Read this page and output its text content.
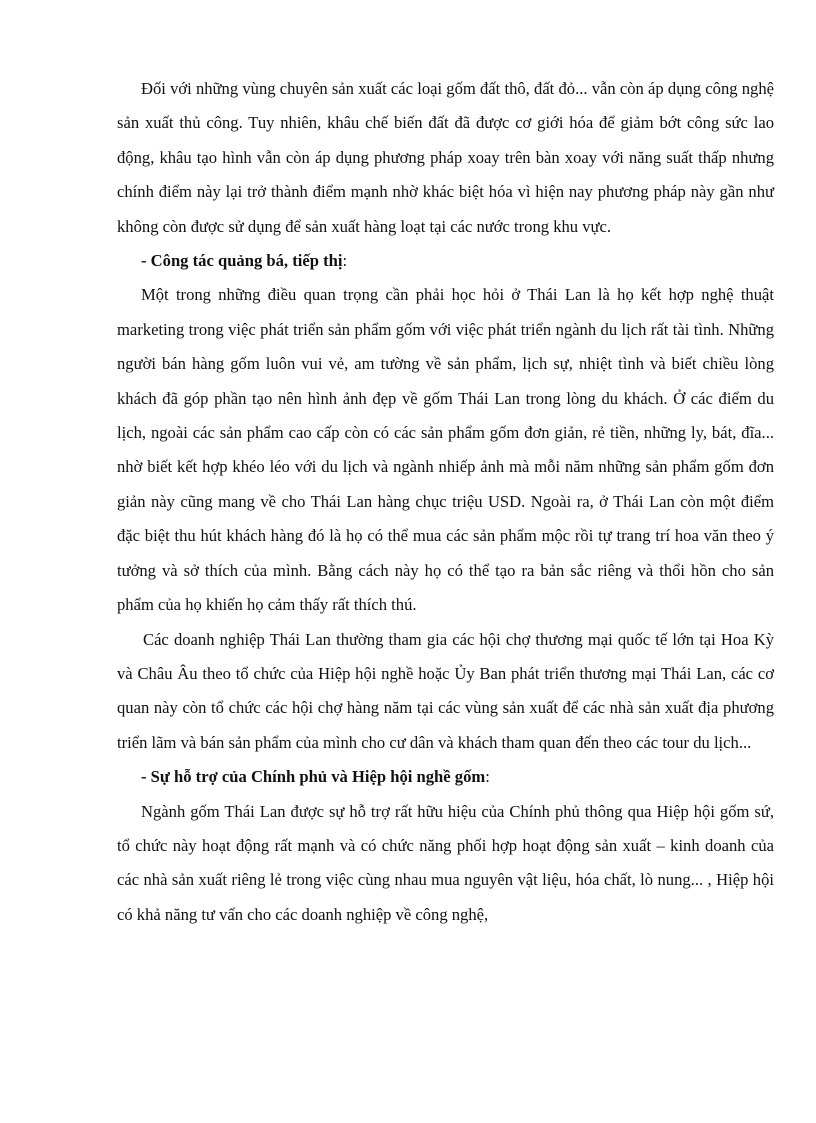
Đối với những vùng chuyên sản xuất các loại gốm đất thô, đất đỏ... vẫn còn áp dụng công nghệ sản xuất thủ công. Tuy nhiên, khâu chế biến đất đã được cơ giới hóa để giảm bớt công sức lao động, khâu tạo hình vẫn còn áp dụng phương pháp xoay trên bàn xoay với năng suất thấp nhưng chính điểm này lại trở thành điểm mạnh nhờ khác biệt hóa vì hiện nay phương pháp này gần như không còn được sử dụng để sản xuất hàng loạt tại các nước trong khu vực.

- Công tác quảng bá, tiếp thị:

Một trong những điều quan trọng cần phải học hỏi ở Thái Lan là họ kết hợp nghệ thuật marketing trong việc phát triển sản phẩm gốm với việc phát triển ngành du lịch rất tài tình. Những người bán hàng gốm luôn vui vẻ, am tường về sản phẩm, lịch sự, nhiệt tình và biết chiều lòng khách đã góp phần tạo nên hình ảnh đẹp về gốm Thái Lan trong lòng du khách. Ở các điểm du lịch, ngoài các sản phẩm cao cấp còn có các sản phẩm gốm đơn giản, rẻ tiền, những ly, bát, đĩa... nhờ biết kết hợp khéo léo với du lịch và ngành nhiếp ảnh mà mỗi năm những sản phẩm gốm đơn giản này cũng mang về cho Thái Lan hàng chục triệu USD. Ngoài ra, ở Thái Lan còn một điểm đặc biệt thu hút khách hàng đó là họ có thể mua các sản phẩm mộc rồi tự trang trí hoa văn theo ý tưởng và sở thích của mình. Bằng cách này họ có thể tạo ra bản sắc riêng và thổi hồn cho sản phẩm của họ khiến họ cảm thấy rất thích thú.

Các doanh nghiệp Thái Lan thường tham gia các hội chợ thương mại quốc tế lớn tại Hoa Kỳ và Châu Âu theo tổ chức của Hiệp hội nghề hoặc Ủy Ban phát triển thương mại Thái Lan, các cơ quan này còn tổ chức các hội chợ hàng năm tại các vùng sản xuất để các nhà sản xuất địa phương triển lãm và bán sản phẩm của mình cho cư dân và khách tham quan đến theo các tour du lịch...

- Sự hỗ trợ của Chính phủ và Hiệp hội nghề gốm:

Ngành gốm Thái Lan được sự hỗ trợ rất hữu hiệu của Chính phủ thông qua Hiệp hội gốm sứ, tổ chức này hoạt động rất mạnh và có chức năng phối hợp hoạt động sản xuất – kinh doanh của các nhà sản xuất riêng lẻ trong việc cùng nhau mua nguyên vật liệu, hóa chất, lò nung... , Hiệp hội có khả năng tư vấn cho các doanh nghiệp về công nghệ,
